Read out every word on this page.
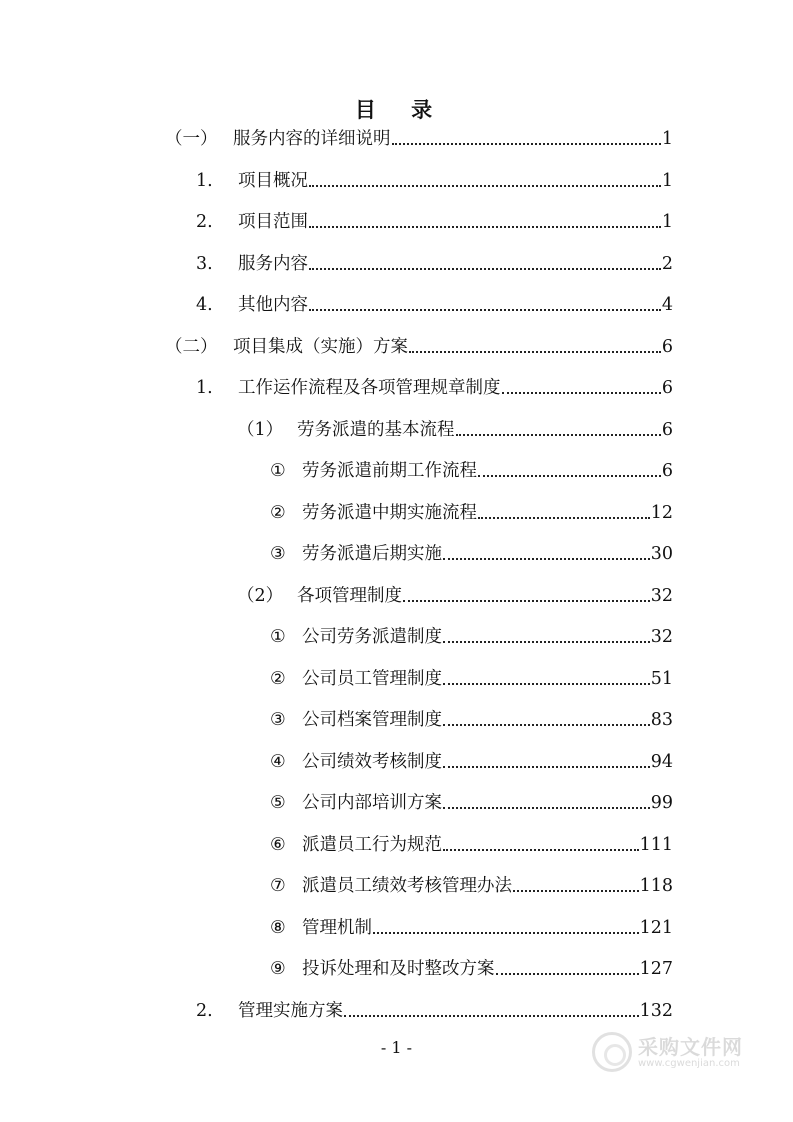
目 录
（一） 服务内容的详细说明	1
1.	项目概况	1
2.	项目范围	1
3.	服务内容	2
4.	其他内容	4
（二） 项目集成（实施）方案	6
1.	工作运作流程及各项管理规章制度	6
（1） 劳务派遣的基本流程	6
① 劳务派遣前期工作流程	6
② 劳务派遣中期实施流程	12
③ 劳务派遣后期实施	30
（2） 各项管理制度	32
① 公司劳务派遣制度	32
② 公司员工管理制度	51
③ 公司档案管理制度	83
④ 公司绩效考核制度	94
⑤ 公司内部培训方案	99
⑥ 派遣员工行为规范	111
⑦ 派遣员工绩效考核管理办法	118
⑧ 管理机制	121
⑨ 投诉处理和及时整改方案	127
2.	管理实施方案	132
- 1 -	采购文件网
www.cgwenjian.com
